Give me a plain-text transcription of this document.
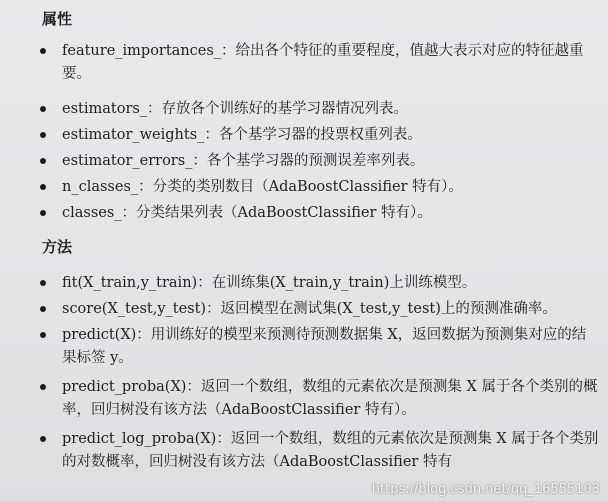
属性
feature_importances_：给出各个特征的重要程度，值越大表示对应的特征越重要。
estimators_：存放各个训练好的基学习器情况列表。
estimator_weights_：各个基学习器的投票权重列表。
estimator_errors_：各个基学习器的预测误差率列表。
n_classes_：分类的类别数目（AdaBoostClassifier 特有）。
classes_：分类结果列表（AdaBoostClassifier 特有）。
方法
fit(X_train,y_train)：在训练集(X_train,y_train)上训练模型。
score(X_test,y_test)：返回模型在测试集(X_test,y_test)上的预测准确率。
predict(X)：用训练好的模型来预测待预测数据集 X，返回数据为预测集对应的结果标签 y。
predict_proba(X)：返回一个数组，数组的元素依次是预测集 X 属于各个类别的概率，回归树没有该方法（AdaBoostClassifier 特有）。
predict_log_proba(X)：返回一个数组，数组的元素依次是预测集 X 属于各个类别的对数概率，回归树没有该方法（AdaBoostClassifier 特有
https://blog.csdn.net/qq_16555103
